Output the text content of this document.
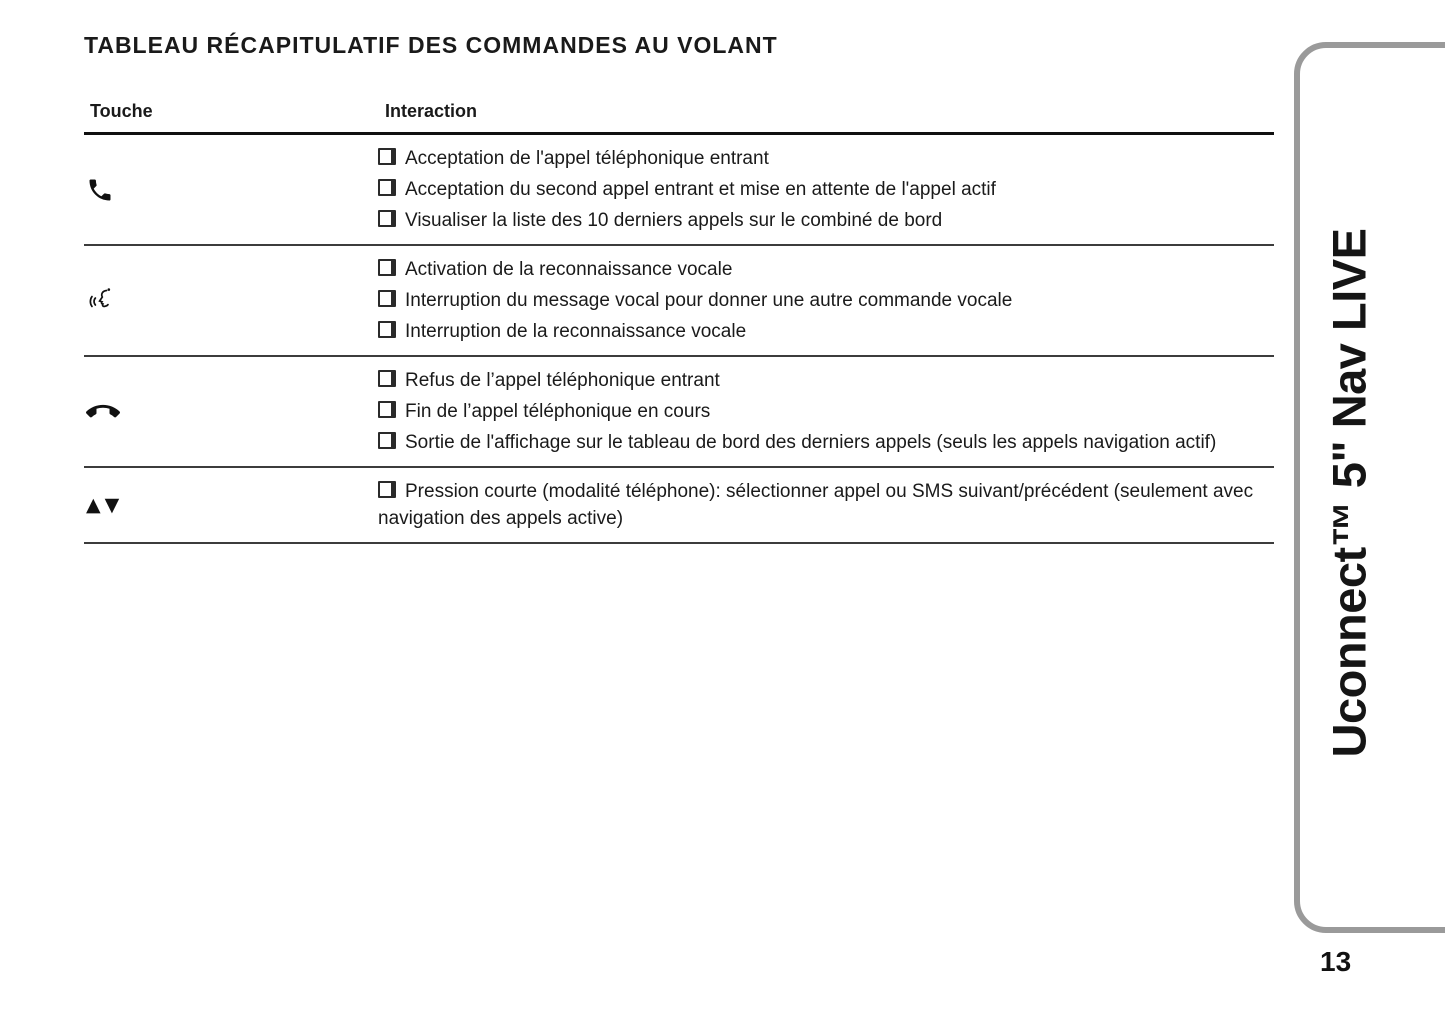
TABLEAU RÉCAPITULATIF DES COMMANDES AU VOLANT
Touche	Interaction
Acceptation de l'appel téléphonique entrant
Acceptation du second appel entrant et mise en attente de l'appel actif
Visualiser la liste des 10 derniers appels sur le combiné de bord
Activation de la reconnaissance vocale
Interruption du message vocal pour donner une autre commande vocale
Interruption de la reconnaissance vocale
Refus de l’appel téléphonique entrant
Fin de l’appel téléphonique en cours
Sortie de l'affichage sur le tableau de bord des derniers appels (seuls les appels navigation actif)
▲▼
Pression courte (modalité téléphone): sélectionner appel ou SMS suivant/précédent (seulement avec navigation des appels active)	Uconnect™ 5" Nav LIVE
13
